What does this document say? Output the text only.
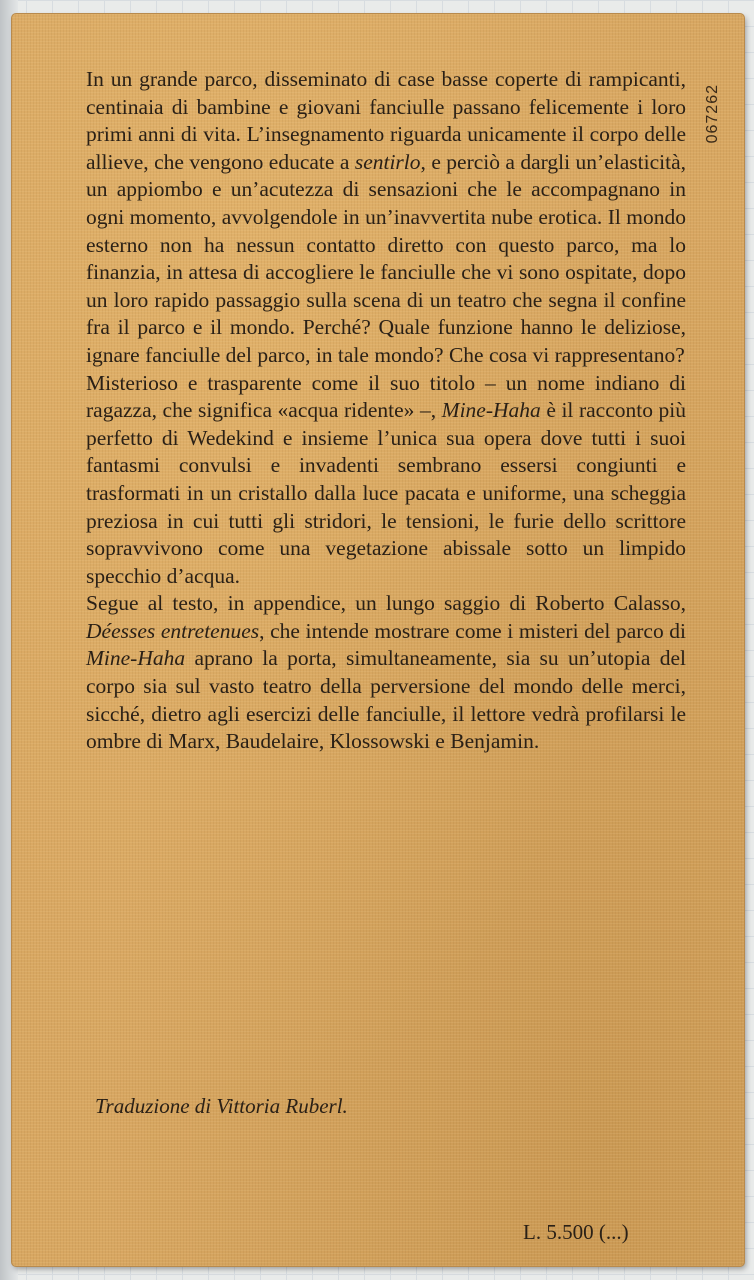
067262

In un grande parco, disseminato di case basse coperte di rampicanti, centinaia di bambine e giovani fanciulle passano felicemente i loro primi anni di vita. L’insegnamento riguarda unicamente il corpo delle allieve, che vengono educate a sentirlo, e perciò a dargli un’elasticità, un appiombo e un’acutezza di sensazioni che le accompagnano in ogni momento, avvolgendole in un’inavvertita nube erotica. Il mondo esterno non ha nessun contatto diretto con questo parco, ma lo finanzia, in attesa di accogliere le fanciulle che vi sono ospitate, dopo un loro rapido passaggio sulla scena di un teatro che segna il confine fra il parco e il mondo. Perché? Quale funzione hanno le deliziose, ignare fanciulle del parco, in tale mondo? Che cosa vi rappresentano?

Misterioso e trasparente come il suo titolo – un nome indiano di ragazza, che significa «acqua ridente» –, Mine-Haha è il racconto più perfetto di Wedekind e insieme l’unica sua opera dove tutti i suoi fantasmi convulsi e invadenti sembrano essersi congiunti e trasformati in un cristallo dalla luce pacata e uniforme, una scheggia preziosa in cui tutti gli stridori, le tensioni, le furie dello scrittore sopravvivono come una vegetazione abissale sotto un limpido specchio d’acqua.

Segue al testo, in appendice, un lungo saggio di Roberto Calasso, Déesses entretenues, che intende mostrare come i misteri del parco di Mine-Haha aprano la porta, simultaneamente, sia su un’utopia del corpo sia sul vasto teatro della perversione del mondo delle merci, sicché, dietro agli esercizi delle fanciulle, il lettore vedrà profilarsi le ombre di Marx, Baudelaire, Klossowski e Benjamin.

Traduzione di Vittoria Ruberl.
L. 5.500 (...)
